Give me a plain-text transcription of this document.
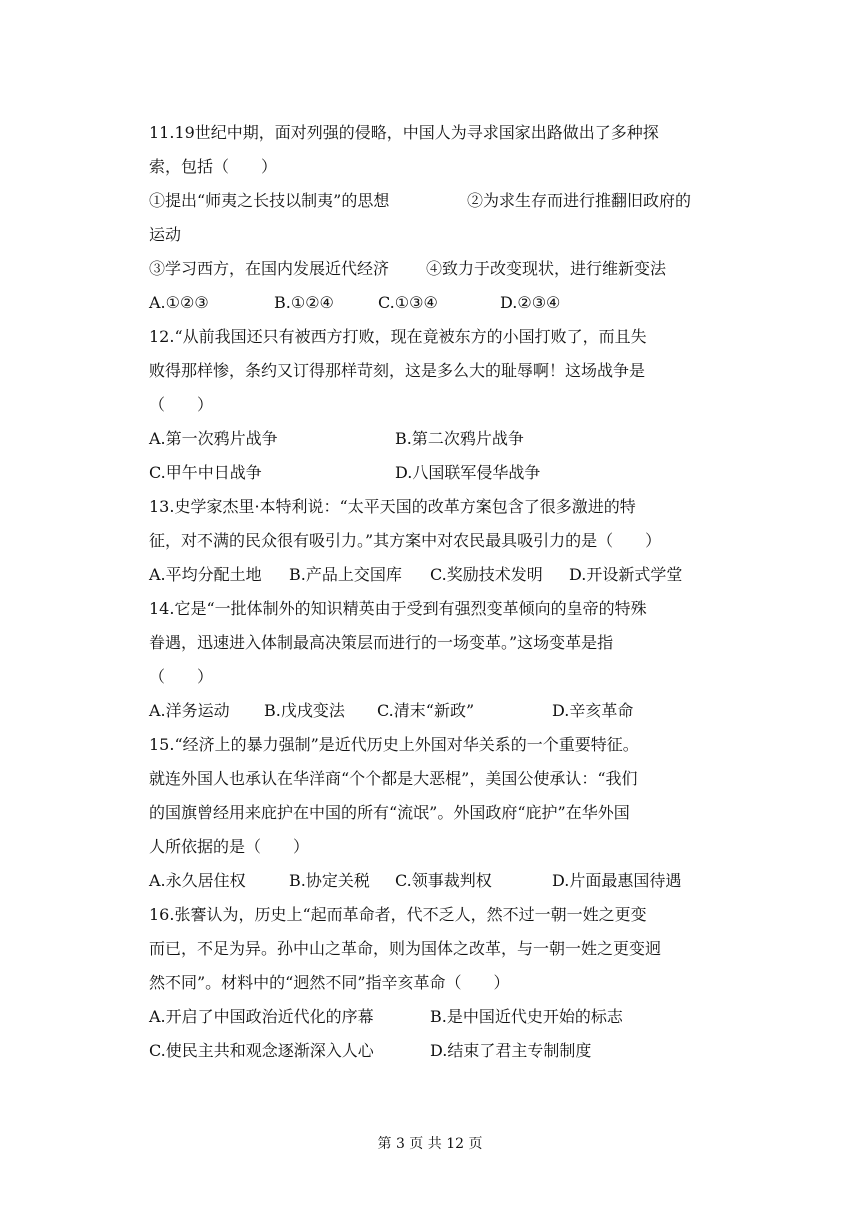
11.19世纪中期，面对列强的侵略，中国人为寻求国家出路做出了多种探
索，包括（　　）
①提出“师夷之长技以制夷”的思想	②为求生存而进行推翻旧政府的
运动
③学习西方，在国内发展近代经济 ④致力于改变现状，进行维新变法
A.①②③	B.①②④	C.①③④	D.②③④
12.“从前我国还只有被西方打败，现在竟被东方的小国打败了，而且失
败得那样惨，条约又订得那样苛刻，这是多么大的耻辱啊！这场战争是
（　　）
A.第一次鸦片战争	B.第二次鸦片战争
C.甲午中日战争	D.八国联军侵华战争
13.史学家杰里·本特利说：“太平天国的改革方案包含了很多激进的特
征，对不满的民众很有吸引力。”其方案中对农民最具吸引力的是（　　）
A.平均分配土地 B.产品上交国库 C.奖励技术发明 D.开设新式学堂
14.它是“一批体制外的知识精英由于受到有强烈变革倾向的皇帝的特殊
眷遇，迅速进入体制最高决策层而进行的一场变革。”这场变革是指
（　　）
A.洋务运动 B.戊戌变法 C.清末“新政”	D.辛亥革命
15.“经济上的暴力强制”是近代历史上外国对华关系的一个重要特征。
就连外国人也承认在华洋商“个个都是大恶棍”，美国公使承认：“我们
的国旗曾经用来庇护在中国的所有“流氓”。外国政府“庇护”在华外国
人所依据的是（　　）
A.永久居住权	B.协定关税 C.领事裁判权	D.片面最惠国待遇
16.张謇认为，历史上“起而革命者，代不乏人，然不过一朝一姓之更变
而已，不足为异。孙中山之革命，则为国体之改革，与一朝一姓之更变迥
然不同”。材料中的“迥然不同”指辛亥革命（　　）
A.开启了中国政治近代化的序幕	B.是中国近代史开始的标志
C.使民主共和观念逐渐深入人心	D.结束了君主专制制度
第 3 页 共 12 页
